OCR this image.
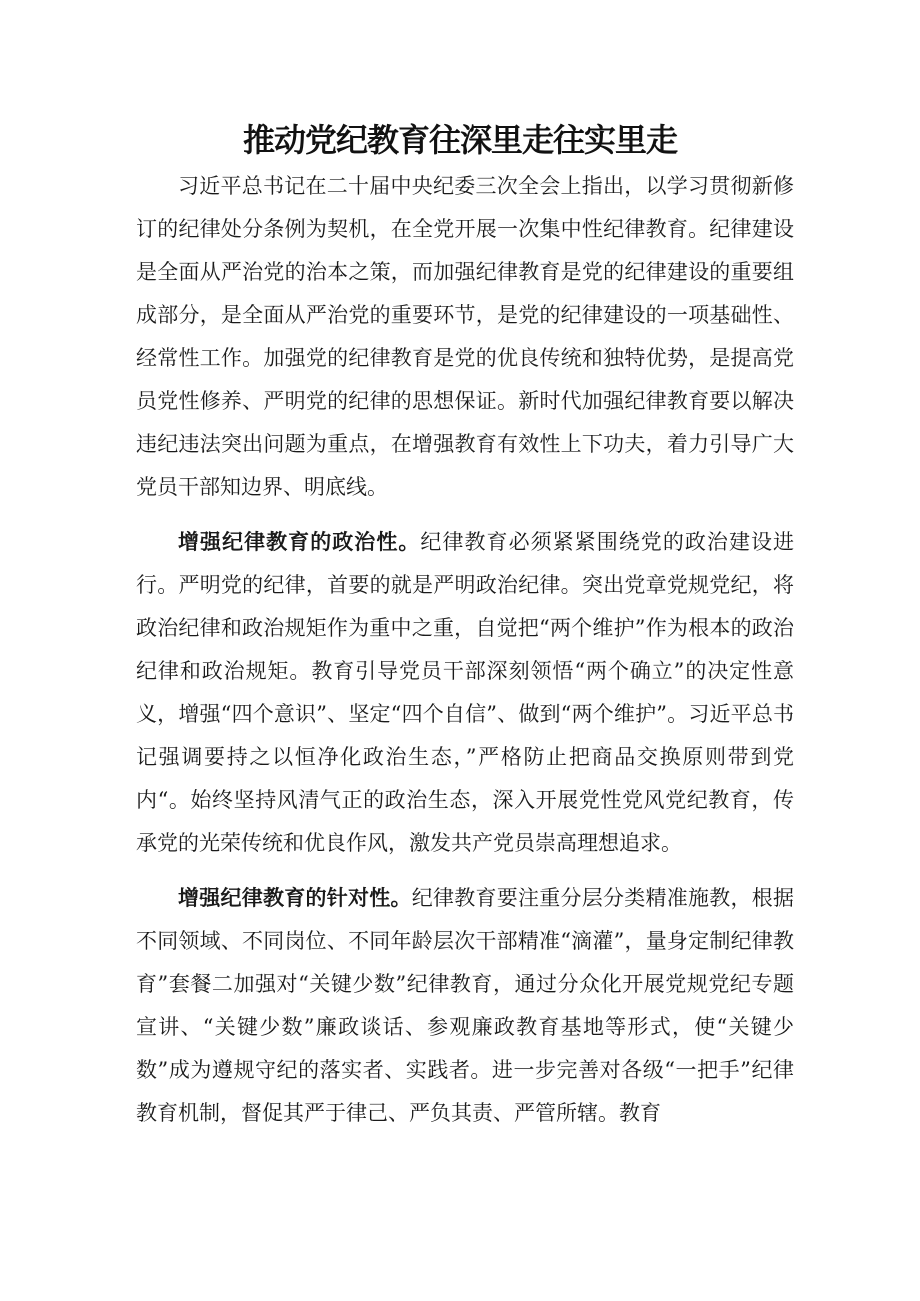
推动党纪教育往深里走往实里走

习近平总书记在二十届中央纪委三次全会上指出，以学习贯彻新修订的纪律处分条例为契机，在全党开展一次集中性纪律教育。纪律建设是全面从严治党的治本之策，而加强纪律教育是党的纪律建设的重要组成部分，是全面从严治党的重要环节，是党的纪律建设的一项基础性、经常性工作。加强党的纪律教育是党的优良传统和独特优势，是提高党员党性修养、严明党的纪律的思想保证。新时代加强纪律教育要以解决违纪违法突出问题为重点，在增强教育有效性上下功夫，着力引导广大党员干部知边界、明底线。

增强纪律教育的政治性。纪律教育必须紧紧围绕党的政治建设进行。严明党的纪律，首要的就是严明政治纪律。突出党章党规党纪，将政治纪律和政治规矩作为重中之重，自觉把“两个维护”作为根本的政治纪律和政治规矩。教育引导党员干部深刻领悟“两个确立”的决定性意义，增强“四个意识”、坚定“四个自信”、做到“两个维护”。习近平总书记强调要持之以恒净化政治生态，”严格防止把商品交换原则带到党内“。始终坚持风清气正的政治生态，深入开展党性党风党纪教育，传承党的光荣传统和优良作风，激发共产党员崇高理想追求。

增强纪律教育的针对性。纪律教育要注重分层分类精准施教，根据不同领域、不同岗位、不同年龄层次干部精准“滴灌”，量身定制纪律教育”套餐二加强对“关键少数”纪律教育，通过分众化开展党规党纪专题宣讲、“关键少数”廉政谈话、参观廉政教育基地等形式，使“关键少数”成为遵规守纪的落实者、实践者。进一步完善对各级“一把手”纪律教育机制，督促其严于律己、严负其责、严管所辖。教育
